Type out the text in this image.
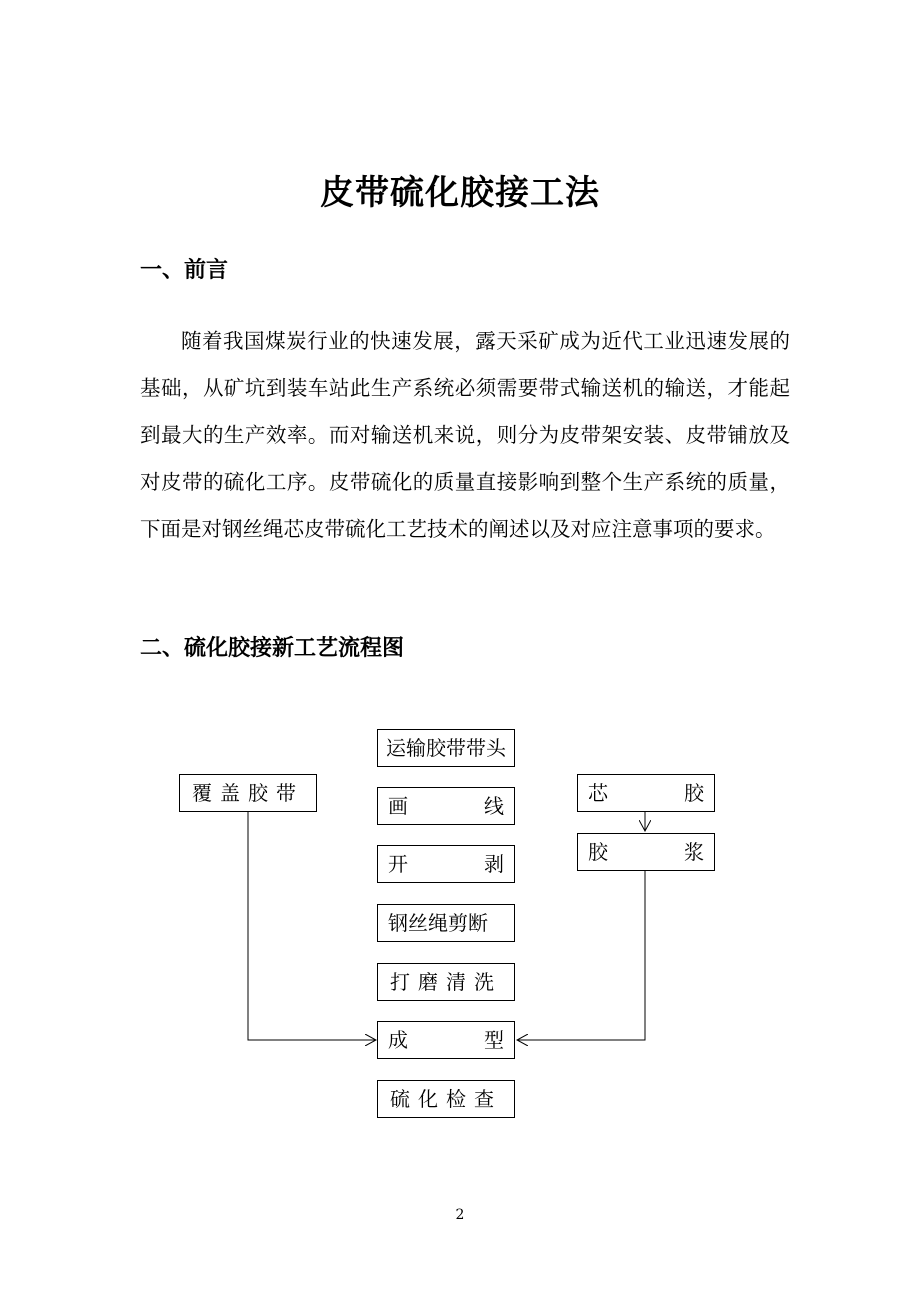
皮带硫化胶接工法
一、前言

随着我国煤炭行业的快速发展，露天采矿成为近代工业迅速发展的基础，从矿坑到装车站此生产系统必须需要带式输送机的输送，才能起到最大的生产效率。而对输送机来说，则分为皮带架安装、皮带铺放及对皮带的硫化工序。皮带硫化的质量直接影响到整个生产系统的质量，下面是对钢丝绳芯皮带硫化工艺技术的阐述以及对应注意事项的要求。

二、硫化胶接新工艺流程图
覆盖胶带
运输胶带带头
画	线
开	剥
钢丝绳剪断
打磨清洗
成	型
硫化检查
芯	胶
胶	浆
2
